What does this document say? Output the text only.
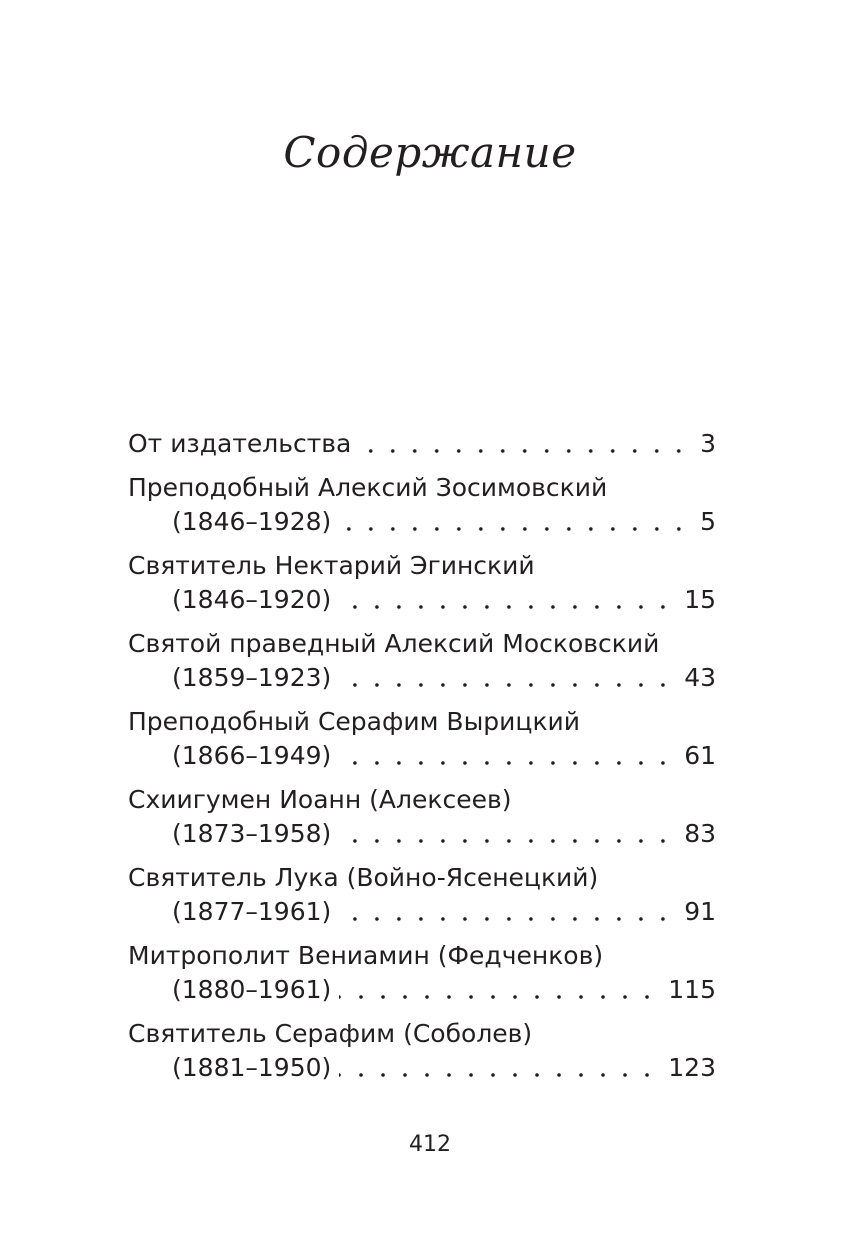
Содержание
От издательства	3
Преподобный Алексий Зосимовский
(1846–1928)	5
Святитель Нектарий Эгинский
(1846–1920)	15
Святой праведный Алексий Московский
(1859–1923)	43
Преподобный Серафим Вырицкий
(1866–1949)	61
Схиигумен Иоанн (Алексеев)
(1873–1958)	83
Святитель Лука (Войно-Ясенецкий)
(1877–1961)	91
Митрополит Вениамин (Федченков)
(1880–1961)	115
Святитель Серафим (Соболев)
(1881–1950)	123
412
